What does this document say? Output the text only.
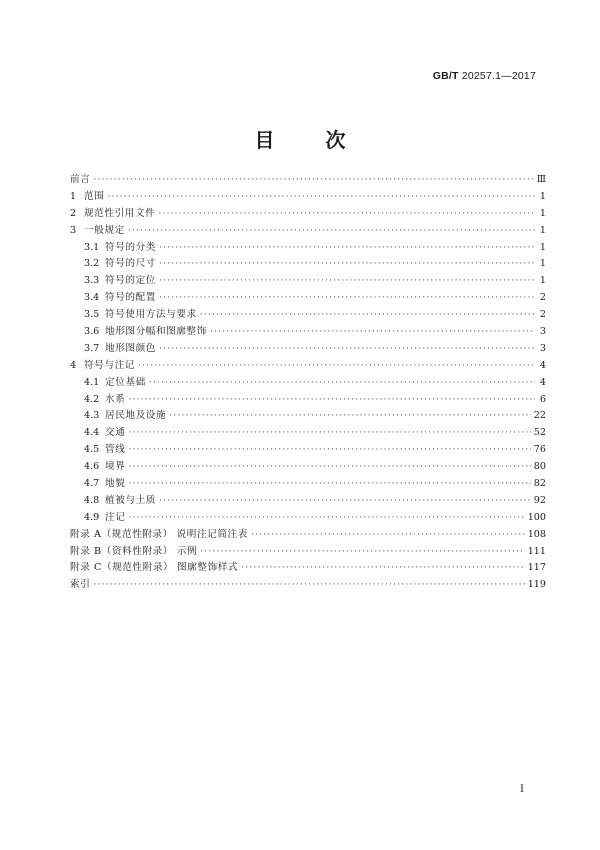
GB/T 20257.1—2017
目 次
前言 ·····	Ⅲ
1 范围 ·····	1
2 规范性引用文件 ·····	1
3 一般规定 ·····	1
3.1 符号的分类 ·····	1
3.2 符号的尺寸 ·····	1
3.3 符号的定位 ·····	1
3.4 符号的配置 ·····	2
3.5 符号使用方法与要求 ·····	2
3.6 地形图分幅和图廓整饰 ·····	3
3.7 地形图颜色 ·····	3
4 符号与注记 ·····	4
4.1 定位基础 ·····	4
4.2 水系 ·····	6
4.3 居民地及设施 ·····	22
4.4 交通 ·····	52
4.5 管线 ·····	76
4.6 境界 ·····	80
4.7 地貌 ·····	82
4.8 植被与土质 ·····	92
4.9 注记 ·····	100
附录 A（规范性附录） 说明注记简注表 ·····	108
附录 B（资料性附录） 示例 ·····	111
附录 C（规范性附录） 图廓整饰样式 ·····	117
索引 ·····	119
I
